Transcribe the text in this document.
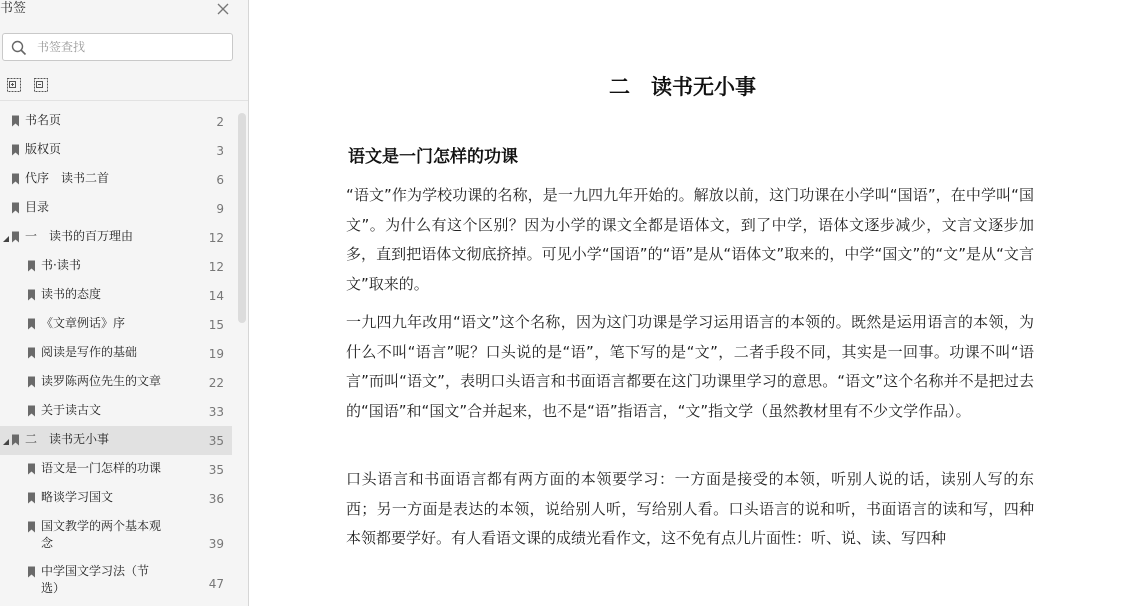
书签
书签查找
书名页	2
版权页	3
代序　读书二首	6
目录	9
一　读书的百万理由	12
书·读书	12
读书的态度	14
《文章例话》序	15
阅读是写作的基础	19
读罗陈两位先生的文章	22
关于读古文	33
二　读书无小事	35
语文是一门怎样的功课	35
略谈学习国文	36
国文教学的两个基本观念	39
中学国文学习法（节选）	47
二　读书无小事
语文是一门怎样的功课

“语文”作为学校功课的名称，是一九四九年开始的。解放以前，这门功课在小学叫“国语”，在中学叫“国文”。为什么有这个区别？因为小学的课文全都是语体文，到了中学，语体文逐步减少，文言文逐步加多，直到把语体文彻底挤掉。可见小学“国语”的“语”是从“语体文”取来的，中学“国文”的“文”是从“文言文”取来的。

一九四九年改用“语文”这个名称，因为这门功课是学习运用语言的本领的。既然是运用语言的本领，为什么不叫“语言”呢？口头说的是“语”，笔下写的是“文”，二者手段不同，其实是一回事。功课不叫“语言”而叫“语文”，表明口头语言和书面语言都要在这门功课里学习的意思。“语文”这个名称并不是把过去的“国语”和“国文”合并起来，也不是“语”指语言，“文”指文学（虽然教材里有不少文学作品）。

口头语言和书面语言都有两方面的本领要学习：一方面是接受的本领，听别人说的话，读别人写的东西；另一方面是表达的本领，说给别人听，写给别人看。口头语言的说和听，书面语言的读和写，四种本领都要学好。有人看语文课的成绩光看作文，这不免有点儿片面性：听、说、读、写四种
